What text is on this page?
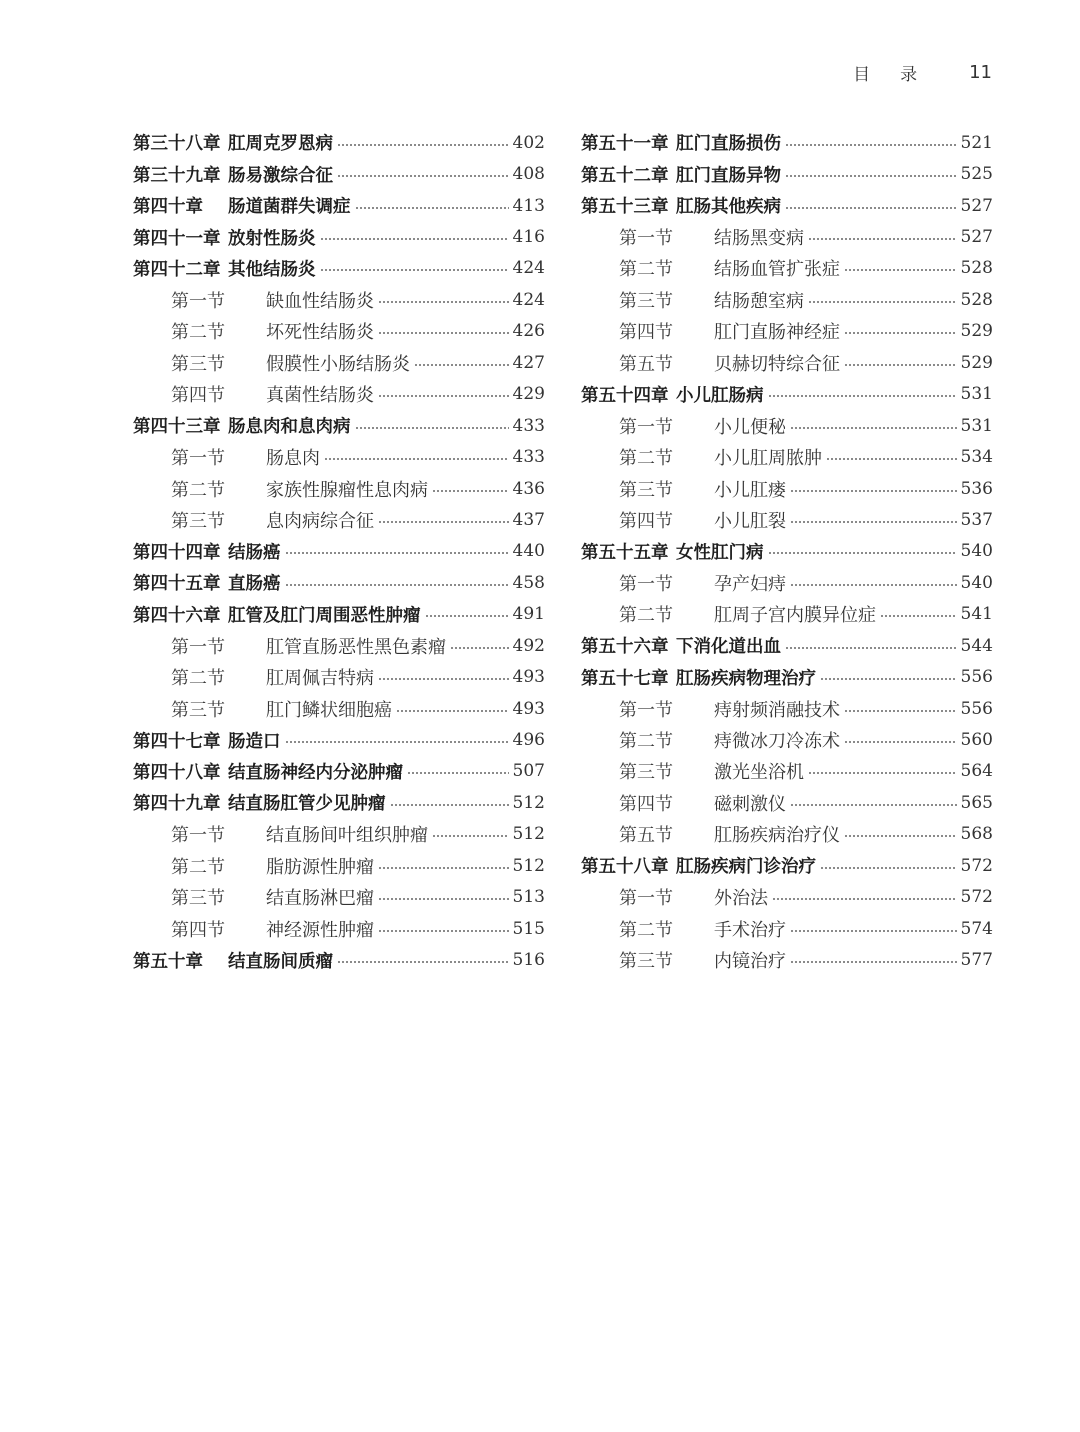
目录 11
第三十八章 肛周克罗恩病	402
第三十九章 肠易激综合征	408
第四十章	肠道菌群失调症	413
第四十一章 放射性肠炎	416
第四十二章 其他结肠炎	424
第一节	缺血性结肠炎	424
第二节	坏死性结肠炎	426
第三节	假膜性小肠结肠炎	427
第四节	真菌性结肠炎	429
第四十三章 肠息肉和息肉病	433
第一节	肠息肉	433
第二节	家族性腺瘤性息肉病	436
第三节	息肉病综合征	437
第四十四章 结肠癌	440
第四十五章 直肠癌	458
第四十六章 肛管及肛门周围恶性肿瘤	491
第一节	肛管直肠恶性黑色素瘤	492
第二节	肛周佩吉特病	493
第三节	肛门鳞状细胞癌	493
第四十七章 肠造口	496
第四十八章 结直肠神经内分泌肿瘤	507
第四十九章 结直肠肛管少见肿瘤	512
第一节	结直肠间叶组织肿瘤	512
第二节	脂肪源性肿瘤	512
第三节	结直肠淋巴瘤	513
第四节	神经源性肿瘤	515
第五十章	结直肠间质瘤	516
第五十一章 肛门直肠损伤	521
第五十二章 肛门直肠异物	525
第五十三章 肛肠其他疾病	527
第一节	结肠黑变病	527
第二节	结肠血管扩张症	528
第三节	结肠憩室病	528
第四节	肛门直肠神经症	529
第五节	贝赫切特综合征	529
第五十四章 小儿肛肠病	531
第一节	小儿便秘	531
第二节	小儿肛周脓肿	534
第三节	小儿肛瘘	536
第四节	小儿肛裂	537
第五十五章 女性肛门病	540
第一节	孕产妇痔	540
第二节	肛周子宫内膜异位症	541
第五十六章 下消化道出血	544
第五十七章 肛肠疾病物理治疗	556
第一节	痔射频消融技术	556
第二节	痔微冰刀冷冻术	560
第三节	激光坐浴机	564
第四节	磁刺激仪	565
第五节	肛肠疾病治疗仪	568
第五十八章 肛肠疾病门诊治疗	572
第一节	外治法	572
第二节	手术治疗	574
第三节	内镜治疗	577
